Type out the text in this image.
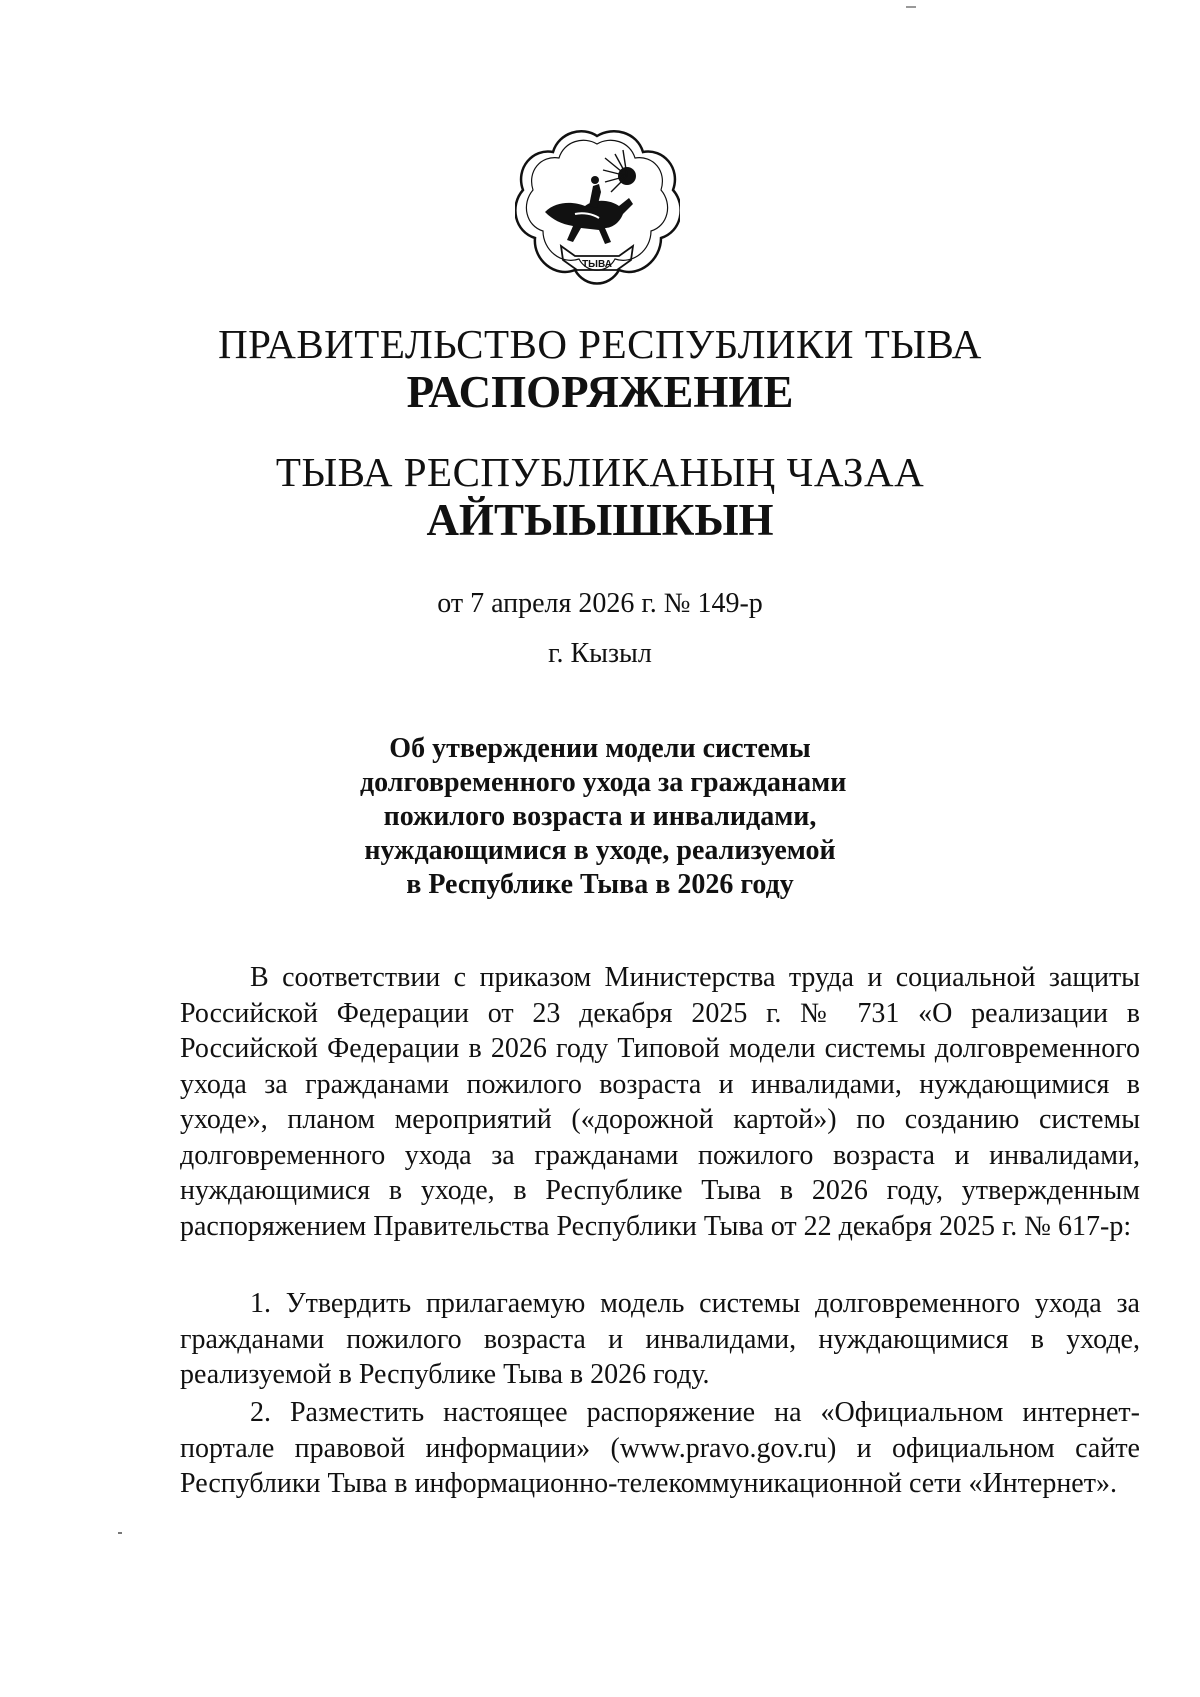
ТЫВА
ПРАВИТЕЛЬСТВО РЕСПУБЛИКИ ТЫВА
РАСПОРЯЖЕНИЕ
ТЫВА РЕСПУБЛИКАНЫҢ ЧАЗАА
АЙТЫЫШКЫН
от 7 апреля 2026 г. № 149-р
г. Кызыл
Об утверждении модели системы
долговременного ухода за гражданами
пожилого возраста и инвалидами,
нуждающимися в уходе, реализуемой
в Республике Тыва в 2026 году

В соответствии с приказом Министерства труда и социальной защиты Российской Федерации от 23 декабря 2025 г. № 731 «О реализации в Российской Федерации в 2026 году Типовой модели системы долговременного ухода за гражданами пожилого возраста и инвалидами, нуждающимися в уходе», планом мероприятий («дорожной картой») по созданию системы долговременного ухода за гражданами пожилого возраста и инвалидами, нуждающимися в уходе, в Республике Тыва в 2026 году, утвержденным распоряжением Правительства Республики Тыва от 22 декабря 2025 г. № 617-р:

1. Утвердить прилагаемую модель системы долговременного ухода за гражданами пожилого возраста и инвалидами, нуждающимися в уходе, реализуемой в Республике Тыва в 2026 году.

2. Разместить настоящее распоряжение на «Официальном интернет-портале правовой информации» (www.pravo.gov.ru) и официальном сайте Республики Тыва в информационно-телекоммуникационной сети «Интернет».
